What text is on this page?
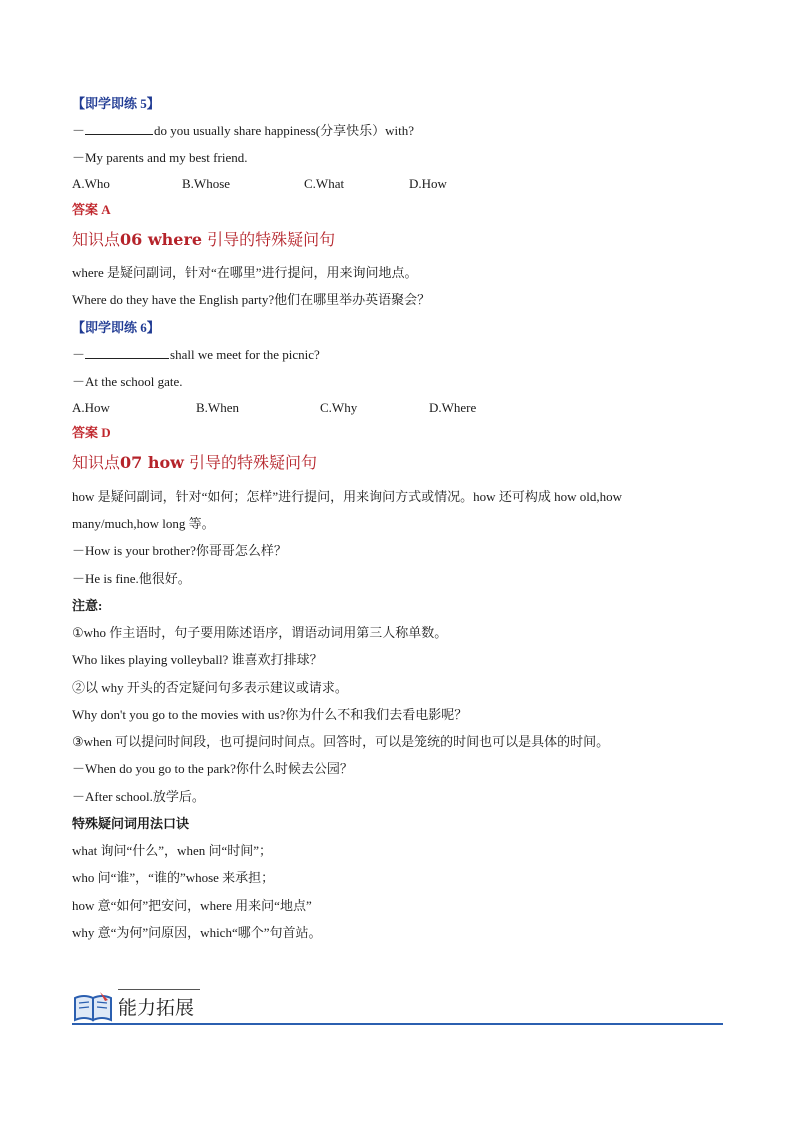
【即学即练 5】
－	do you usually share happiness(分享快乐）with?
－My parents and my best friend.
A.Who	B.Whose	C.What	D.How
答案 A
知识点06 where 引导的特殊疑问句
where 是疑问副词，针对“在哪里”进行提问，用来询问地点。
Where do they have the English party?他们在哪里举办英语聚会？
【即学即练 6】
－	shall we meet for the picnic?
－At the school gate.
A.How	B.When	C.Why	D.Where
答案 D
知识点07 how 引导的特殊疑问句
how 是疑问副词，针对“如何；怎样”进行提问，用来询问方式或情况。how 还可构成 how old,how
many/much,how long 等。
－How is your brother?你哥哥怎么样？
－He is fine.他很好。
注意:
①who 作主语时，句子要用陈述语序，谓语动词用第三人称单数。
Who likes playing volleyball? 谁喜欢打排球？
②以 why 开头的否定疑问句多表示建议或请求。
Why don't you go to the movies with us?你为什么不和我们去看电影呢？
③when 可以提问时间段，也可提问时间点。回答时，可以是笼统的时间也可以是具体的时间。
－When do you go to the park?你什么时候去公园？
－After school.放学后。
特殊疑问词用法口诀
what 询问“什么”，when 问“时间”；
who 问“谁”，“谁的”whose 来承担；
how 意“如何”把安问，where 用来问“地点”
why 意“为何”问原因，which“哪个”句首站。
能力拓展
